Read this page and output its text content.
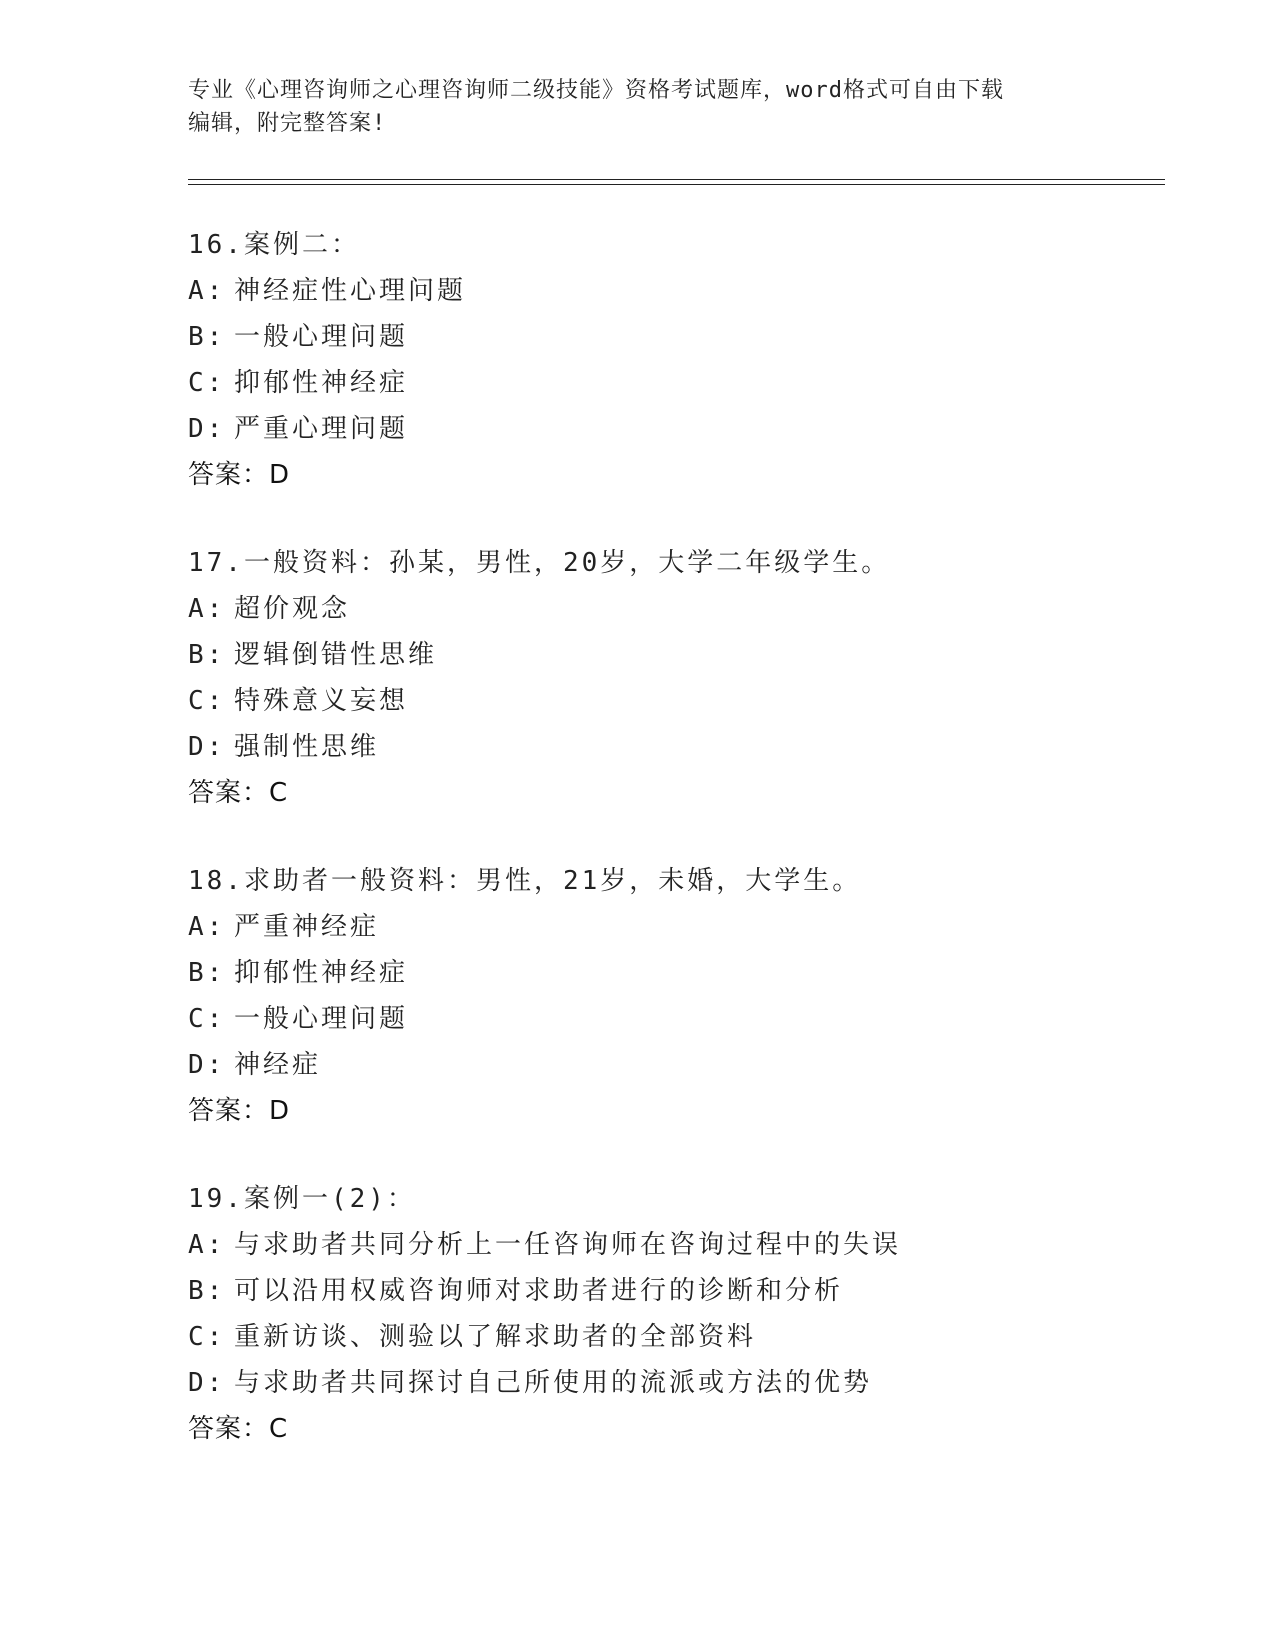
专业《心理咨询师之心理咨询师二级技能》资格考试题库，word格式可自由下载
编辑，附完整答案!
16.案例二：
A: 神经症性心理问题
B: 一般心理问题
C: 抑郁性神经症
D: 严重心理问题
答案：D
17.一般资料：孙某，男性，20岁，大学二年级学生。
A: 超价观念
B: 逻辑倒错性思维
C: 特殊意义妄想
D: 强制性思维
答案：C
18.求助者一般资料：男性，21岁，未婚，大学生。
A: 严重神经症
B: 抑郁性神经症
C: 一般心理问题
D: 神经症
答案：D
19.案例一(2)：
A: 与求助者共同分析上一任咨询师在咨询过程中的失误
B: 可以沿用权威咨询师对求助者进行的诊断和分析
C: 重新访谈、测验以了解求助者的全部资料
D: 与求助者共同探讨自己所使用的流派或方法的优势
答案：C
